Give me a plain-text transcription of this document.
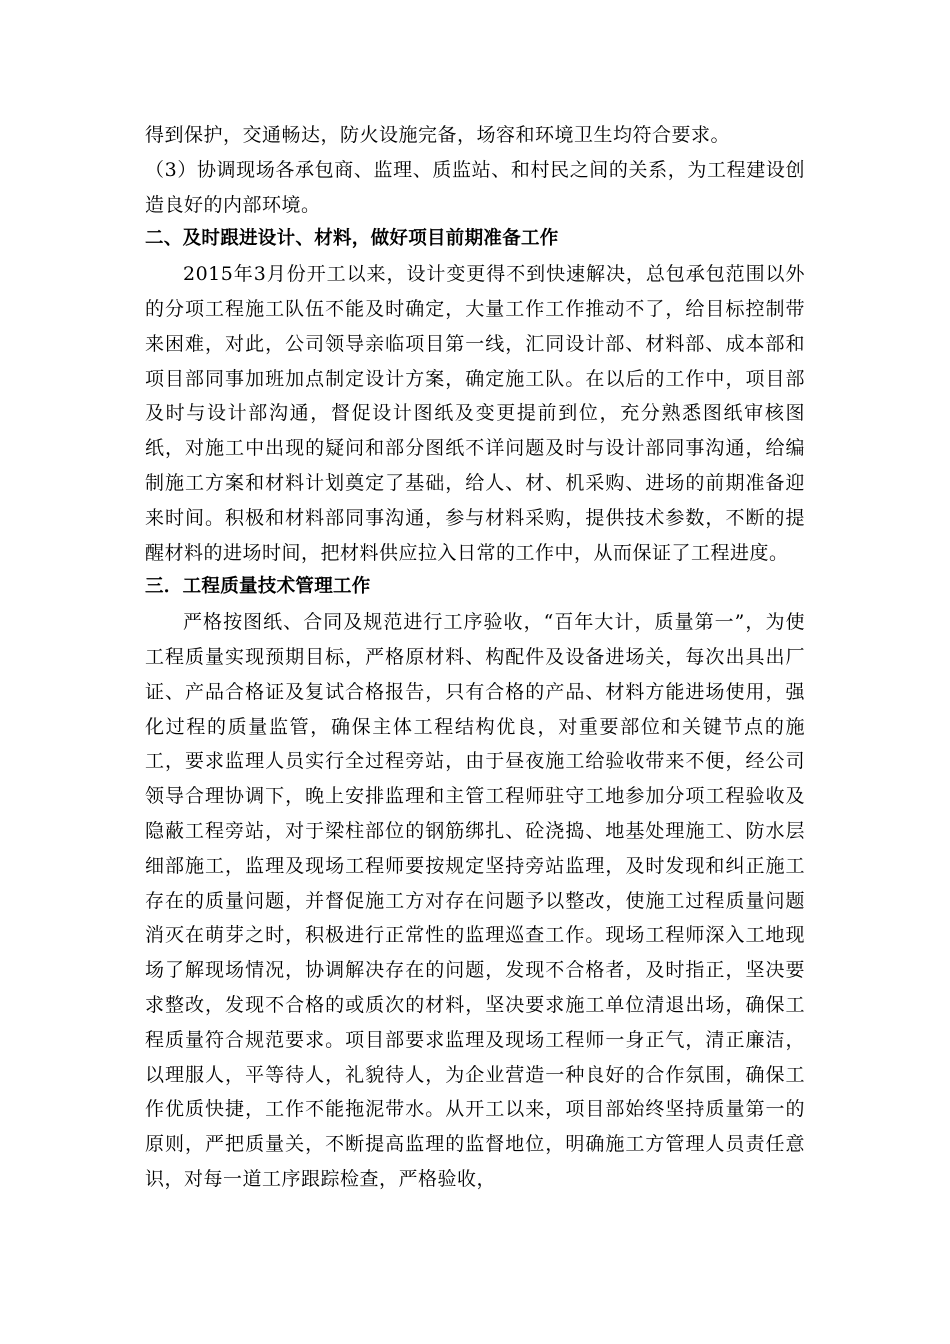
得到保护，交通畅达，防火设施完备，场容和环境卫生均符合要求。

（3）协调现场各承包商、监理、质监站、和村民之间的关系，为工程建设创造良好的内部环境。

二、及时跟进设计、材料，做好项目前期准备工作

2015年3月份开工以来，设计变更得不到快速解决，总包承包范围以外的分项工程施工队伍不能及时确定，大量工作工作推动不了，给目标控制带来困难，对此，公司领导亲临项目第一线，汇同设计部、材料部、成本部和项目部同事加班加点制定设计方案，确定施工队。在以后的工作中，项目部及时与设计部沟通，督促设计图纸及变更提前到位，充分熟悉图纸审核图纸，对施工中出现的疑问和部分图纸不详问题及时与设计部同事沟通，给编制施工方案和材料计划奠定了基础，给人、材、机采购、进场的前期准备迎来时间。积极和材料部同事沟通，参与材料采购，提供技术参数，不断的提醒材料的进场时间，把材料供应拉入日常的工作中，从而保证了工程进度。

三．工程质量技术管理工作

严格按图纸、合同及规范进行工序验收，“百年大计，质量第一”，为使工程质量实现预期目标，严格原材料、构配件及设备进场关，每次出具出厂证、产品合格证及复试合格报告，只有合格的产品、材料方能进场使用，强化过程的质量监管，确保主体工程结构优良，对重要部位和关键节点的施工，要求监理人员实行全过程旁站，由于昼夜施工给验收带来不便，经公司领导合理协调下，晚上安排监理和主管工程师驻守工地参加分项工程验收及隐蔽工程旁站，对于梁柱部位的钢筋绑扎、砼浇捣、地基处理施工、防水层细部施工，监理及现场工程师要按规定坚持旁站监理，及时发现和纠正施工存在的质量问题，并督促施工方对存在问题予以整改，使施工过程质量问题消灭在萌芽之时，积极进行正常性的监理巡查工作。现场工程师深入工地现场了解现场情况，协调解决存在的问题，发现不合格者，及时指正，坚决要求整改，发现不合格的或质次的材料，坚决要求施工单位清退出场，确保工程质量符合规范要求。项目部要求监理及现场工程师一身正气，清正廉洁，以理服人，平等待人，礼貌待人，为企业营造一种良好的合作氛围，确保工作优质快捷，工作不能拖泥带水。从开工以来，项目部始终坚持质量第一的原则，严把质量关，不断提高监理的监督地位，明确施工方管理人员责任意识，对每一道工序跟踪检查，严格验收，
